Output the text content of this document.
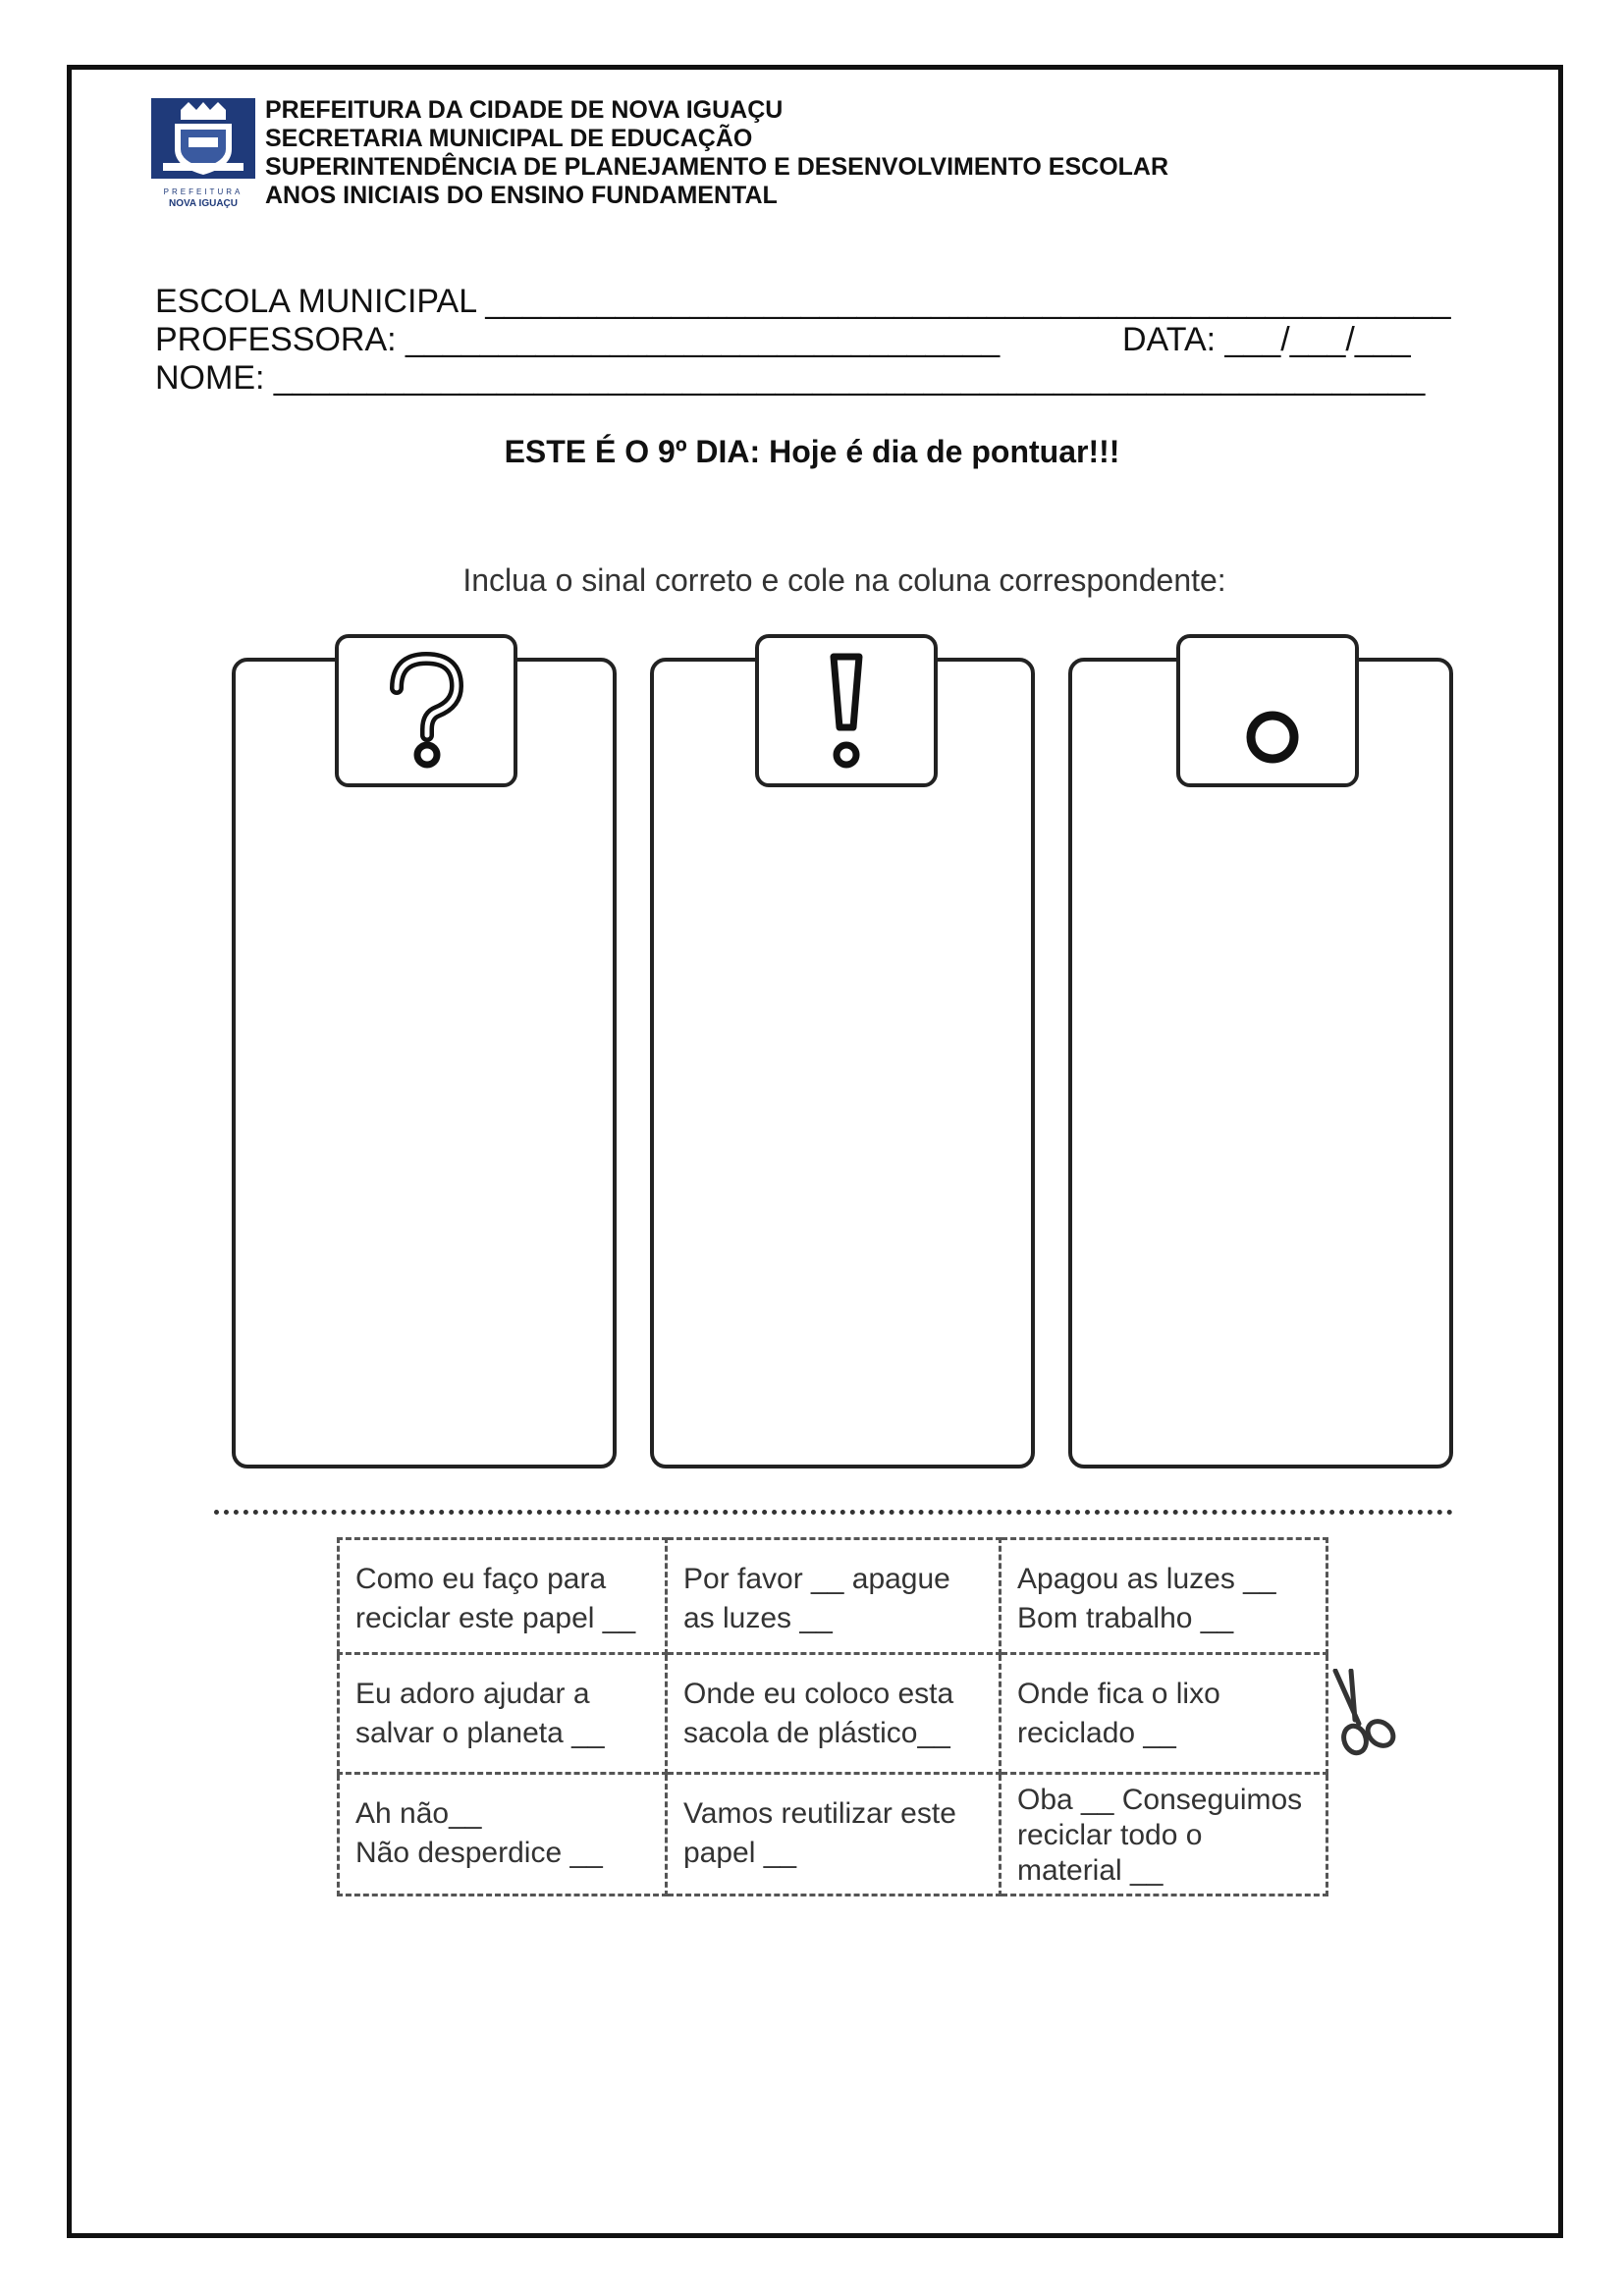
PREFEITURA
NOVA IGUAÇU
PREFEITURA DA CIDADE DE NOVA IGUAÇU
SECRETARIA MUNICIPAL DE EDUCAÇÃO
SUPERINTENDÊNCIA DE PLANEJAMENTO E DESENVOLVIMENTO ESCOLAR
ANOS INICIAIS DO ENSINO FUNDAMENTAL
ESCOLA MUNICIPAL ____________________________________________________
PROFESSORA: ________________________________	DATA: ___/___/___
NOME: ______________________________________________________________
ESTE É O 9º DIA: Hoje é dia de pontuar!!!
Inclua o sinal correto e cole na coluna correspondente:
Como eu faço para
reciclar este papel __
Por favor __ apague
as luzes __
Apagou as luzes __
Bom trabalho __
Eu adoro ajudar a
salvar o planeta __
Onde eu coloco esta
sacola de plástico__
Onde fica o lixo
reciclado __
Ah não__
Não desperdice __
Vamos reutilizar este
papel __
Oba __ Conseguimos
reciclar todo o
material __
